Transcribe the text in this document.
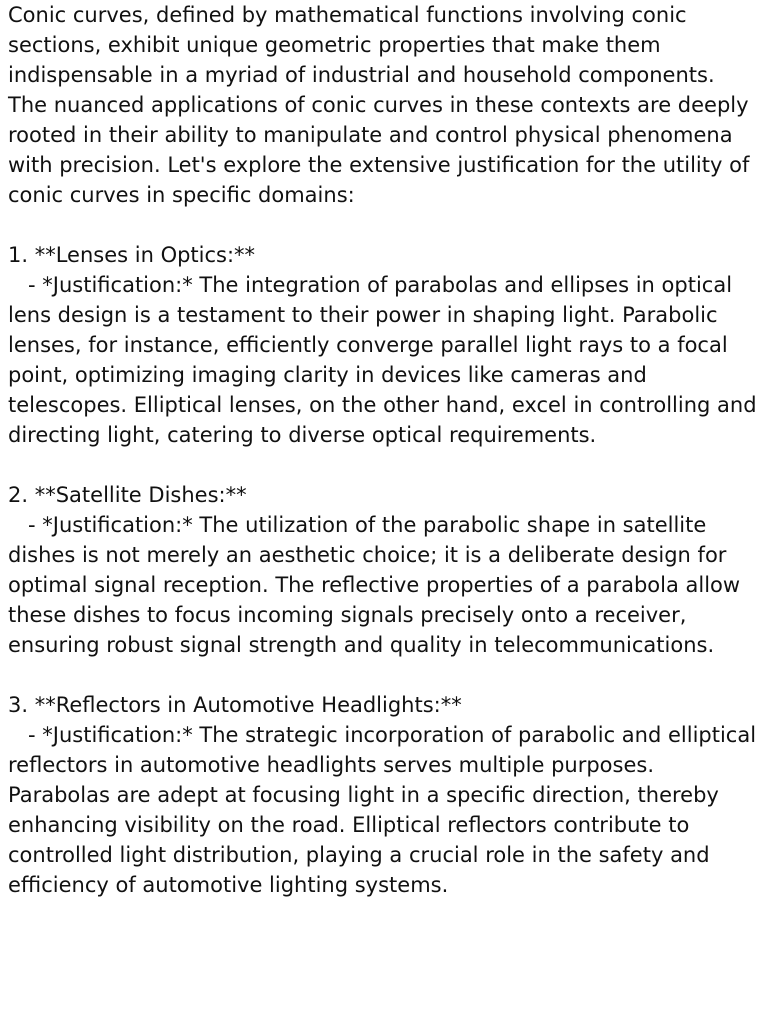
Conic curves, defined by mathematical functions involving conic sections, exhibit unique geometric properties that make them indispensable in a myriad of industrial and household components. The nuanced applications of conic curves in these contexts are deeply rooted in their ability to manipulate and control physical phenomena with precision. Let's explore the extensive justification for the utility of conic curves in specific domains:

1. **Lenses in Optics:**

- *Justification:* The integration of parabolas and ellipses in optical lens design is a testament to their power in shaping light. Parabolic lenses, for instance, efficiently converge parallel light rays to a focal point, optimizing imaging clarity in devices like cameras and telescopes. Elliptical lenses, on the other hand, excel in controlling and directing light, catering to diverse optical requirements.

2. **Satellite Dishes:**

- *Justification:* The utilization of the parabolic shape in satellite dishes is not merely an aesthetic choice; it is a deliberate design for optimal signal reception. The reflective properties of a parabola allow these dishes to focus incoming signals precisely onto a receiver, ensuring robust signal strength and quality in telecommunications.

3. **Reflectors in Automotive Headlights:**

- *Justification:* The strategic incorporation of parabolic and elliptical reflectors in automotive headlights serves multiple purposes. Parabolas are adept at focusing light in a specific direction, thereby enhancing visibility on the road. Elliptical reflectors contribute to controlled light distribution, playing a crucial role in the safety and efficiency of automotive lighting systems.
